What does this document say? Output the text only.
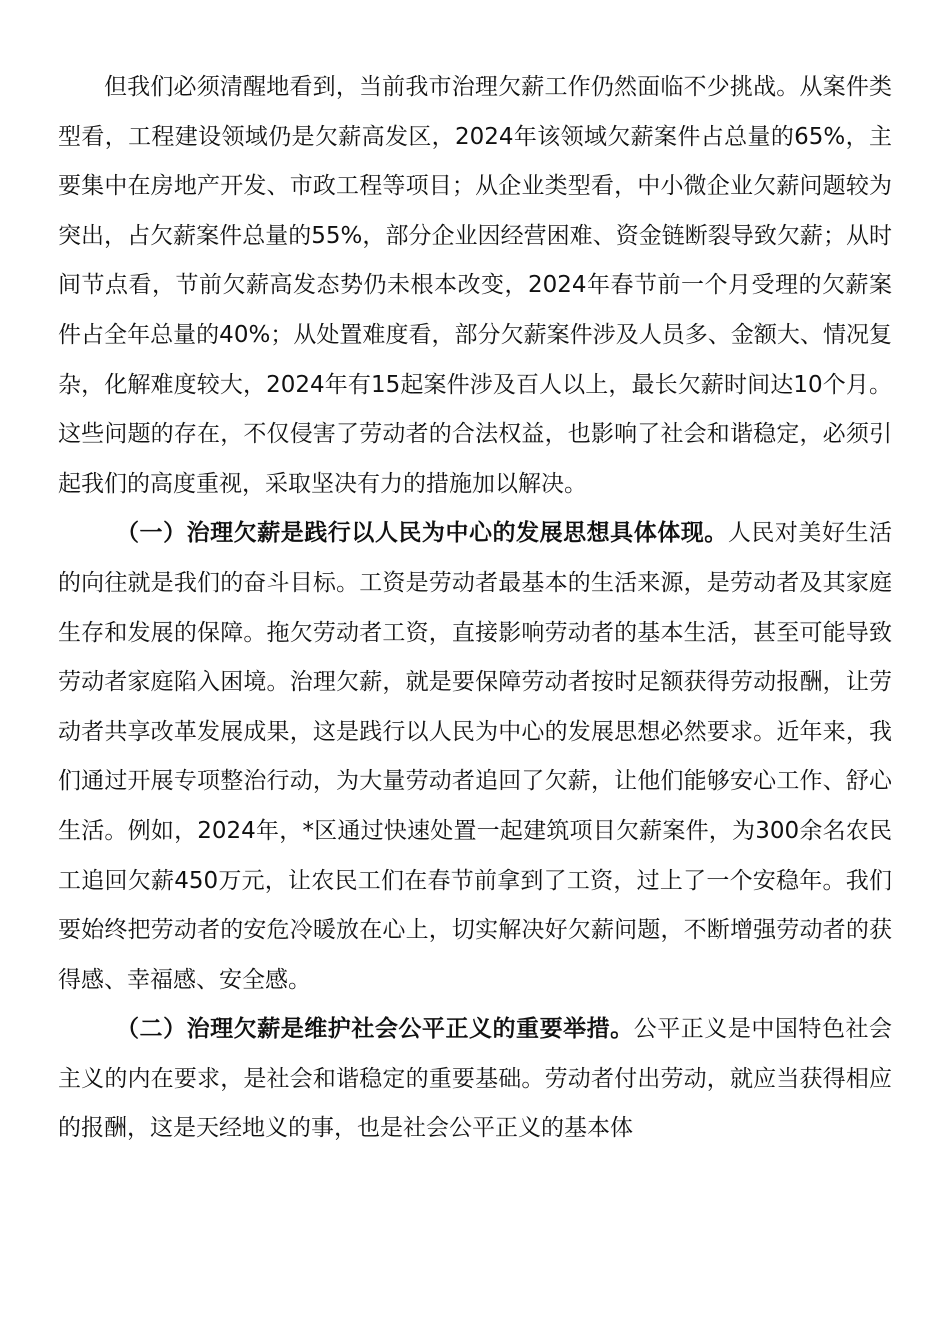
但我们必须清醒地看到，当前我市治理欠薪工作仍然面临不少挑战。从案件类型看，工程建设领域仍是欠薪高发区，2024年该领域欠薪案件占总量的65%，主要集中在房地产开发、市政工程等项目；从企业类型看，中小微企业欠薪问题较为突出，占欠薪案件总量的55%，部分企业因经营困难、资金链断裂导致欠薪；从时间节点看，节前欠薪高发态势仍未根本改变，2024年春节前一个月受理的欠薪案件占全年总量的40%；从处置难度看，部分欠薪案件涉及人员多、金额大、情况复杂，化解难度较大，2024年有15起案件涉及百人以上，最长欠薪时间达10个月。这些问题的存在，不仅侵害了劳动者的合法权益，也影响了社会和谐稳定，必须引起我们的高度重视，采取坚决有力的措施加以解决。

（一）治理欠薪是践行以人民为中心的发展思想具体体现。人民对美好生活的向往就是我们的奋斗目标。工资是劳动者最基本的生活来源，是劳动者及其家庭生存和发展的保障。拖欠劳动者工资，直接影响劳动者的基本生活，甚至可能导致劳动者家庭陷入困境。治理欠薪，就是要保障劳动者按时足额获得劳动报酬，让劳动者共享改革发展成果，这是践行以人民为中心的发展思想必然要求。近年来，我们通过开展专项整治行动，为大量劳动者追回了欠薪，让他们能够安心工作、舒心生活。例如，2024年，*区通过快速处置一起建筑项目欠薪案件，为300余名农民工追回欠薪450万元，让农民工们在春节前拿到了工资，过上了一个安稳年。我们要始终把劳动者的安危冷暖放在心上，切实解决好欠薪问题，不断增强劳动者的获得感、幸福感、安全感。

（二）治理欠薪是维护社会公平正义的重要举措。公平正义是中国特色社会主义的内在要求，是社会和谐稳定的重要基础。劳动者付出劳动，就应当获得相应的报酬，这是天经地义的事，也是社会公平正义的基本体
